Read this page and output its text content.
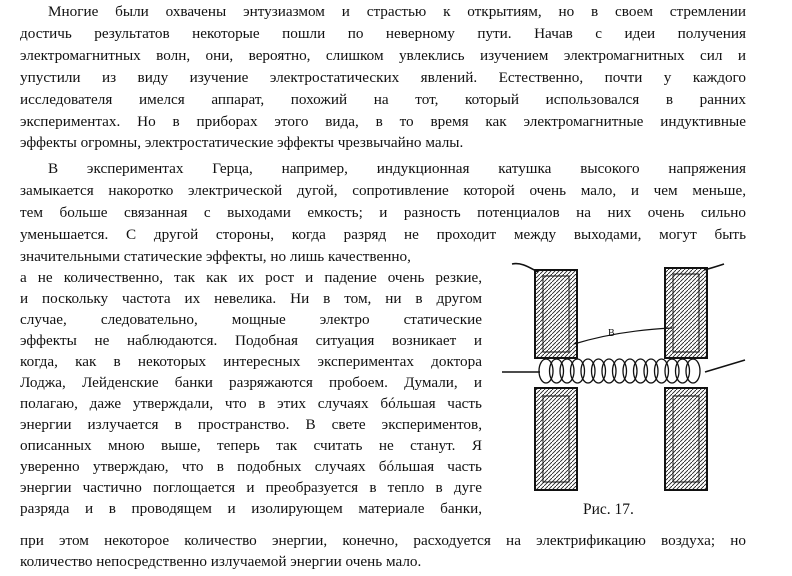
Многие были охвачены энтузиазмом и страстью к открытиям, но в своем стремлении
достичь результатов некоторые пошли по неверному пути. Начав с идеи получения
электромагнитных волн, они, вероятно, слишком увлеклись изучением электромагнитных сил и
упустили из виду изучение электростатических явлений. Естественно, почти у каждого
исследователя имелся аппарат, похожий на тот, который использовался в ранних
экспериментах. Но в приборах этого вида, в то время как электромагнитные индуктивные
эффекты огромны, электростатические эффекты чрезвычайно малы.
В экспериментах Герца, например, индукционная катушка высокого напряжения
замыкается накоротко электрической дугой, сопротивление которой очень мало, и чем меньше,
тем больше связанная с выходами емкость; и разность потенциалов на них очень сильно
уменьшается. С другой стороны, когда разряд не проходит между выходами, могут быть
значительными статические эффекты, но лишь качественно,
а не количественно, так как их рост и падение очень резкие,
и поскольку частота их невелика. Ни в том, ни в другом
случае, следовательно, мощные электро статические
эффекты не наблюдаются. Подобная ситуация возникает и
когда, как в некоторых интересных экспериментах доктора
Лоджа, Лейденские банки разряжаются пробоем. Думали, и
полагаю, даже утверждали, что в этих случаях бóльшая часть
энергии излучается в пространство. В свете экспериментов,
описанных мною выше, теперь так считать не станут. Я
уверенно утверждаю, что в подобных случаях бóльшая часть
энергии частично поглощается и преобразуется в тепло в дуге
разряда и в проводящем и изолирующем материале банки,
при этом некоторое количество энергии, конечно, расходуется на электрификацию воздуха; но
количество непосредственно излучаемой энергии очень мало.
B
Рис. 17.
